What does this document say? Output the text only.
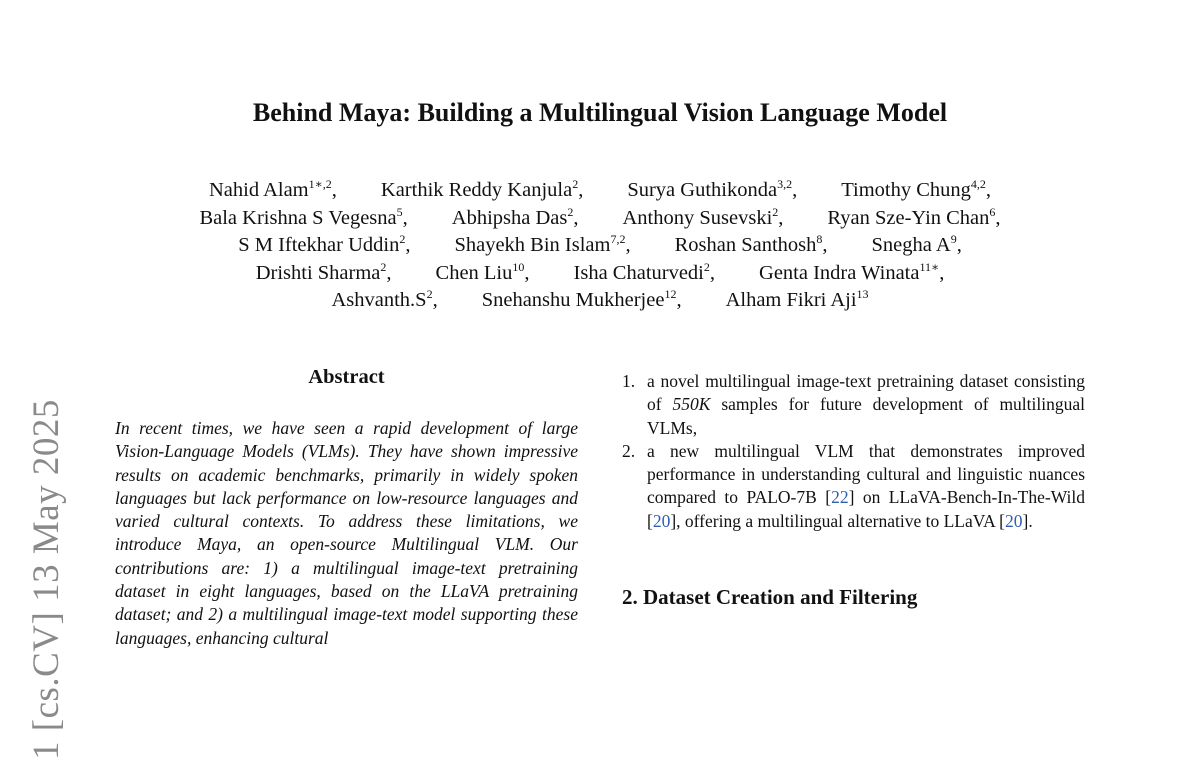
1 [cs.CV] 13 May 2025
Behind Maya: Building a Multilingual Vision Language Model
Nahid Alam$^{1∗,2}$, Karthik Reddy Kanjula$^2$, Surya Guthikonda$^{3,2}$, Timothy Chung$^{4,2}$,
Bala Krishna S Vegesna$^5$, Abhipsha Das$^2$, Anthony Susevski$^2$, Ryan Sze-Yin Chan$^6$,
S M Iftekhar Uddin$^2$, Shayekh Bin Islam$^{7,2}$, Roshan Santhosh$^8$, Snegha $A^9$,
Drishti Sharma$^2$, Chen Liu$^{10}$, Isha Chaturvedi$^2$, Genta Indra Winata$^{11∗}$,
$Ashvanth.S^2$, Snehanshu Mukherjee$^{12}$, Alham Fikri Aji$^{13}$
Abstract

In recent times, we have seen a rapid development of large Vision-Language Models (VLMs). They have shown impressive results on academic benchmarks, primarily in widely spoken languages but lack performance on low-resource languages and varied cultural contexts. To address these limitations, we introduce Maya, an open-source Multilingual VLM. Our contributions are: 1) a multilingual image-text pretraining dataset in eight languages, based on the LLaVA pretraining dataset; and 2) a multilingual image-text model supporting these languages, enhancing cultural

1. a novel multilingual image-text pretraining dataset consisting of 550K samples for future development of multilingual VLMs,
2. a new multilingual VLM that demonstrates improved performance in understanding cultural and linguistic nuances compared to PALO-7B [22] on LLaVA-Bench-In-The-Wild [20], offering a multilingual alternative to LLaVA [20].
2. Dataset Creation and Filtering
